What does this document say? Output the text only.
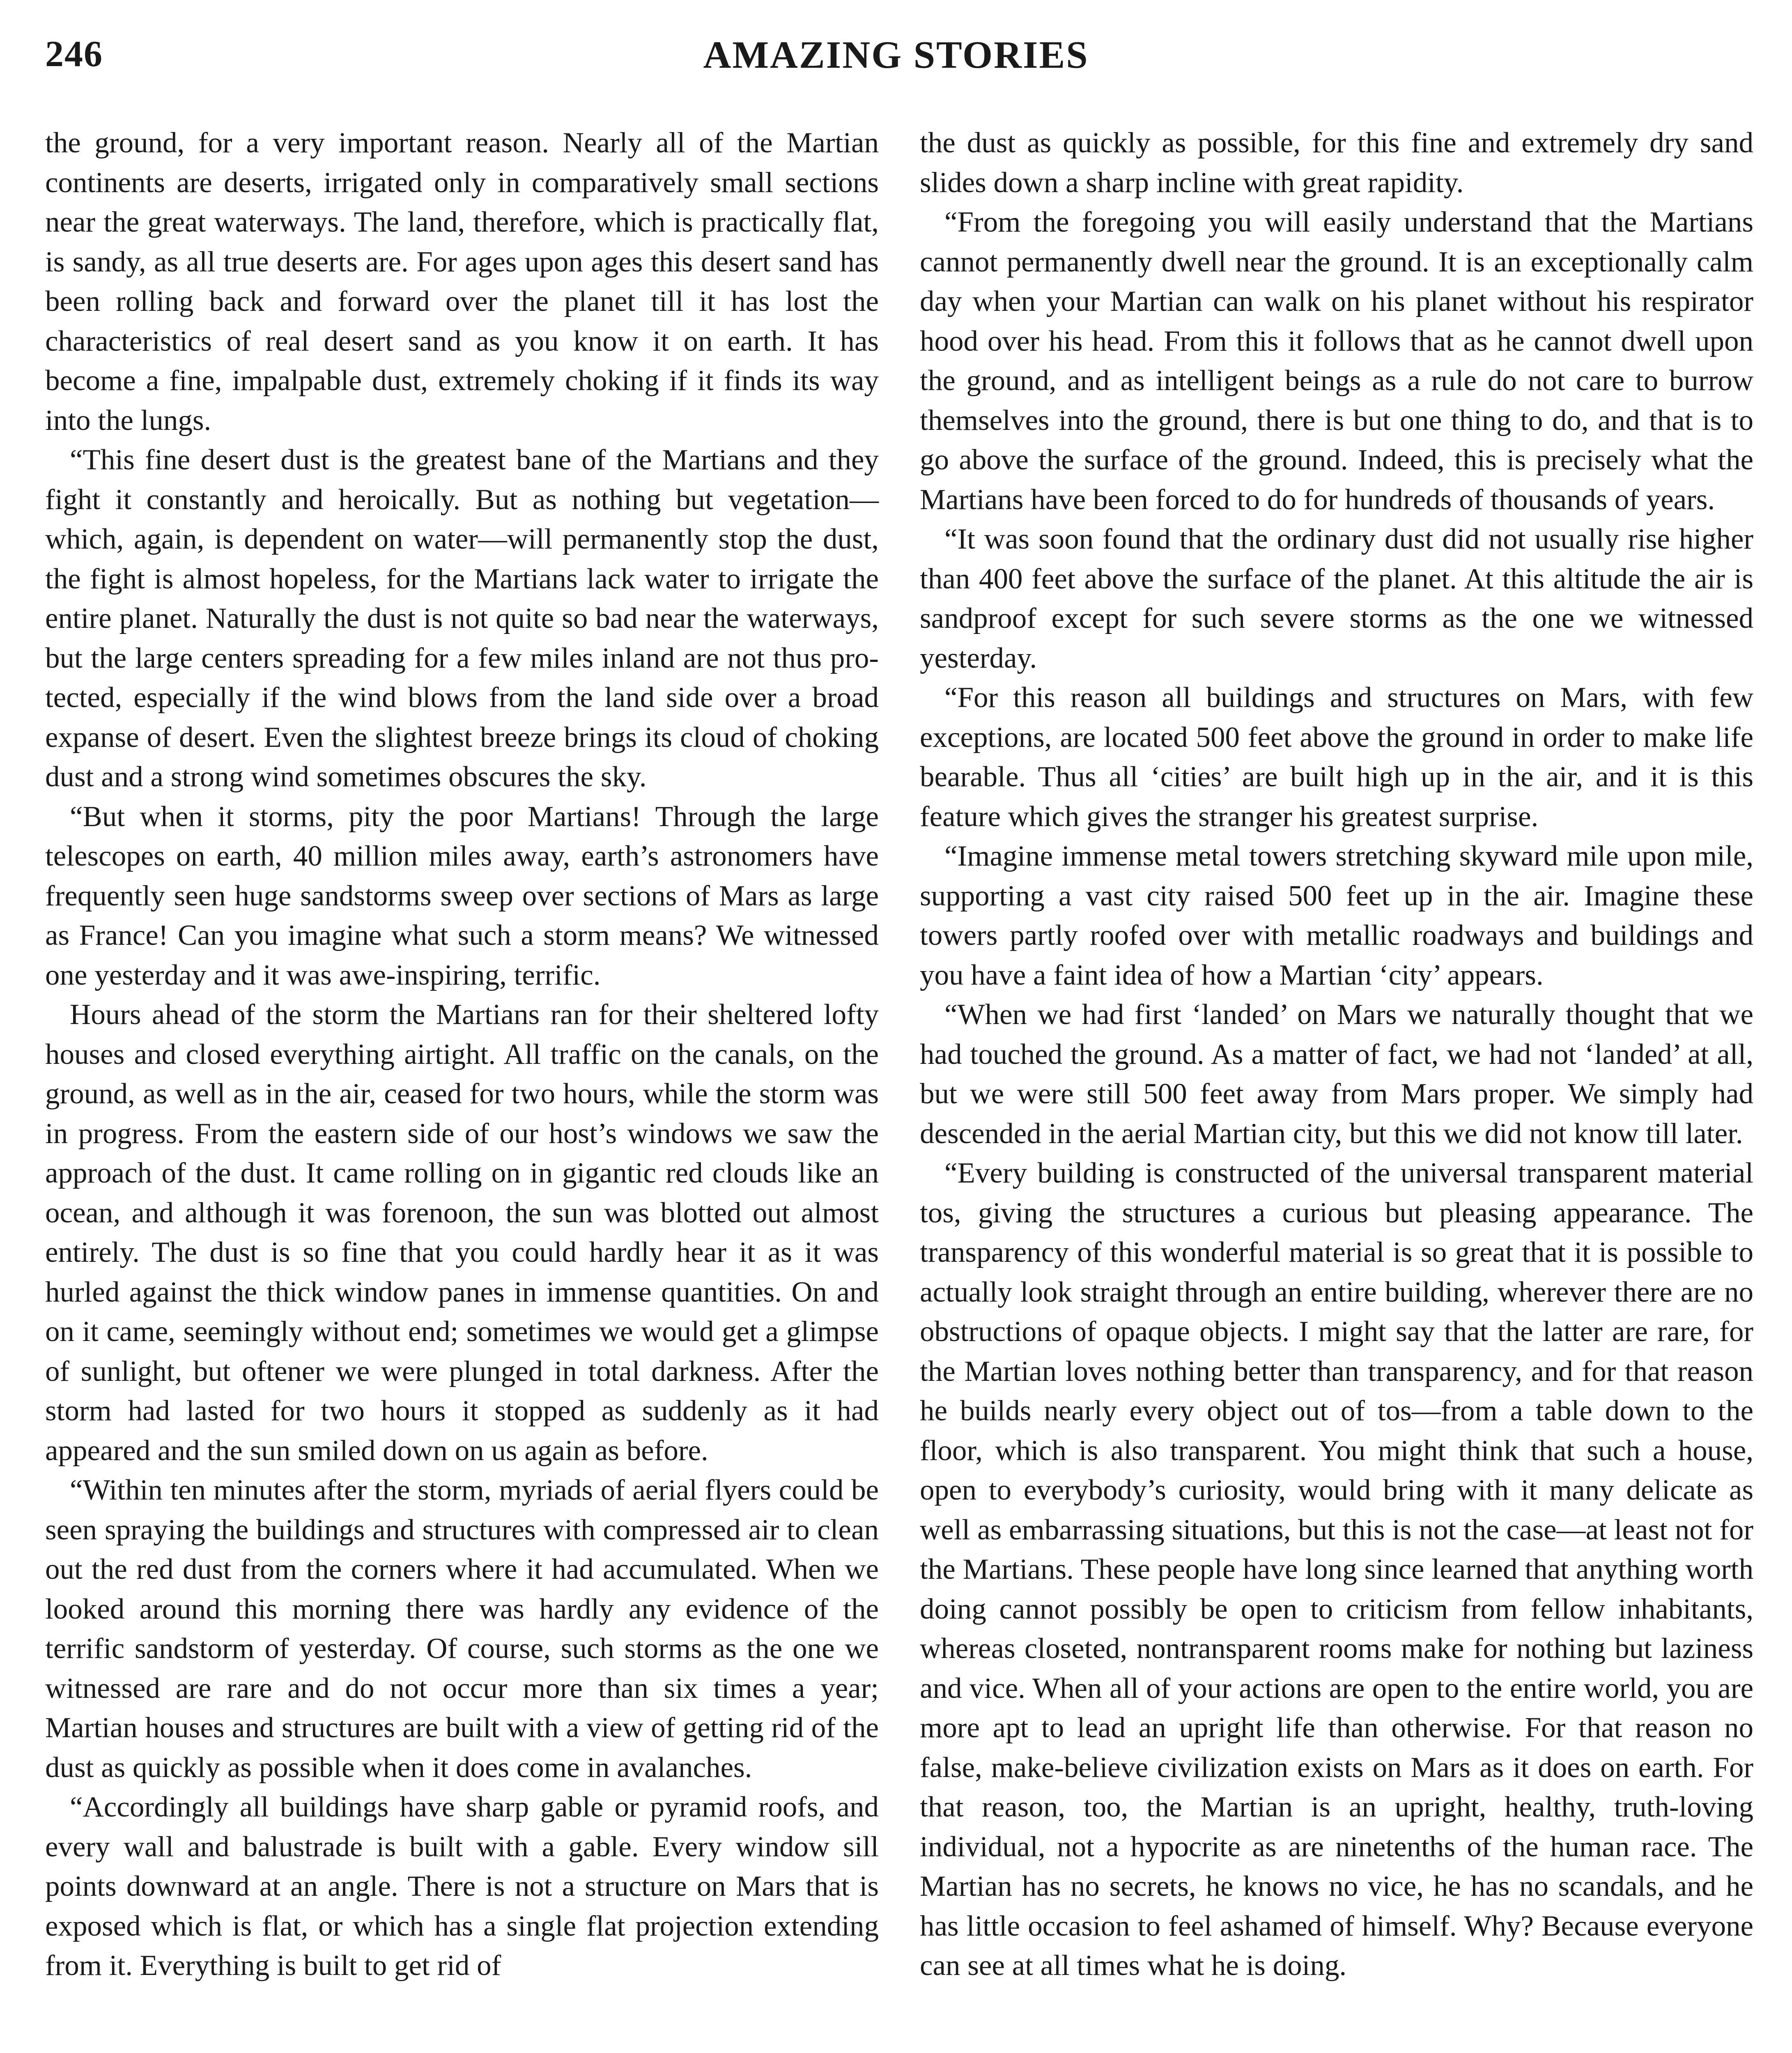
246	AMAZING STORIES

the ground, for a very important reason. Nearly all of the Martian continents are deserts, irrigated only in comparatively small sections near the great waterways. The land, therefore, which is practically flat, is sandy, as all true deserts are. For ages upon ages this desert sand has been rolling back and forward over the planet till it has lost the characteristics of real desert sand as you know it on earth. It has become a fine, impalpable dust, extremely choking if it finds its way into the lungs.

“This fine desert dust is the greatest bane of the Martians and they fight it constantly and heroically. But as nothing but vegetation—which, again, is dependent on water—will permanently stop the dust, the fight is almost hopeless, for the Martians lack water to irrigate the entire planet. Naturally the dust is not quite so bad near the waterways, but the large centers spreading for a few miles inland are not thus protected, especially if the wind blows from the land side over a broad expanse of desert. Even the slightest breeze brings its cloud of choking dust and a strong wind sometimes obscures the sky.

“But when it storms, pity the poor Martians! Through the large telescopes on earth, 40 million miles away, earth’s astronomers have frequently seen huge sandstorms sweep over sections of Mars as large as France! Can you imagine what such a storm means? We witnessed one yesterday and it was awe-inspiring, terrific.

Hours ahead of the storm the Martians ran for their sheltered lofty houses and closed everything airtight. All traffic on the canals, on the ground, as well as in the air, ceased for two hours, while the storm was in progress. From the eastern side of our host’s windows we saw the approach of the dust. It came rolling on in gigantic red clouds like an ocean, and although it was forenoon, the sun was blotted out almost entirely. The dust is so fine that you could hardly hear it as it was hurled against the thick window panes in immense quantities. On and on it came, seemingly without end; sometimes we would get a glimpse of sunlight, but oftener we were plunged in total darkness. After the storm had lasted for two hours it stopped as suddenly as it had appeared and the sun smiled down on us again as before.

“Within ten minutes after the storm, myriads of aerial flyers could be seen spraying the buildings and structures with compressed air to clean out the red dust from the corners where it had accumulated. When we looked around this morning there was hardly any evidence of the terrific sandstorm of yesterday. Of course, such storms as the one we witnessed are rare and do not occur more than six times a year; Martian houses and structures are built with a view of getting rid of the dust as quickly as possible when it does come in avalanches.

“Accordingly all buildings have sharp gable or pyramid roofs, and every wall and balustrade is built with a gable. Every window sill points downward at an angle. There is not a structure on Mars that is exposed which is flat, or which has a single flat projection extending from it. Everything is built to get rid of

the dust as quickly as possible, for this fine and extremely dry sand slides down a sharp incline with great rapidity.

“From the foregoing you will easily understand that the Martians cannot permanently dwell near the ground. It is an exceptionally calm day when your Martian can walk on his planet without his respirator hood over his head. From this it follows that as he cannot dwell upon the ground, and as intelligent beings as a rule do not care to burrow themselves into the ground, there is but one thing to do, and that is to go above the surface of the ground. Indeed, this is precisely what the Martians have been forced to do for hundreds of thousands of years.

“It was soon found that the ordinary dust did not usually rise higher than 400 feet above the surface of the planet. At this altitude the air is sandproof except for such severe storms as the one we witnessed yesterday.

“For this reason all buildings and structures on Mars, with few exceptions, are located 500 feet above the ground in order to make life bearable. Thus all ‘cities’ are built high up in the air, and it is this feature which gives the stranger his greatest surprise.

“Imagine immense metal towers stretching skyward mile upon mile, supporting a vast city raised 500 feet up in the air. Imagine these towers partly roofed over with metallic roadways and buildings and you have a faint idea of how a Martian ‘city’ appears.

“When we had first ‘landed’ on Mars we naturally thought that we had touched the ground. As a matter of fact, we had not ‘landed’ at all, but we were still 500 feet away from Mars proper. We simply had descended in the aerial Martian city, but this we did not know till later.

“Every building is constructed of the universal transparent material tos, giving the structures a curious but pleasing appearance. The transparency of this wonderful material is so great that it is possible to actually look straight through an entire building, wherever there are no obstructions of opaque objects. I might say that the latter are rare, for the Martian loves nothing better than transparency, and for that reason he builds nearly every object out of tos—from a table down to the floor, which is also transparent. You might think that such a house, open to everybody’s curiosity, would bring with it many delicate as well as embarrassing situations, but this is not the case—at least not for the Martians. These people have long since learned that anything worth doing cannot possibly be open to criticism from fellow inhabitants, whereas closeted, nontransparent rooms make for nothing but laziness and vice. When all of your actions are open to the entire world, you are more apt to lead an upright life than otherwise. For that reason no false, make-believe civilization exists on Mars as it does on earth. For that reason, too, the Martian is an upright, healthy, truth-loving individual, not a hypocrite as are ninetenths of the human race. The Martian has no secrets, he knows no vice, he has no scandals, and he has little occasion to feel ashamed of himself. Why? Because everyone can see at all times what he is doing.
